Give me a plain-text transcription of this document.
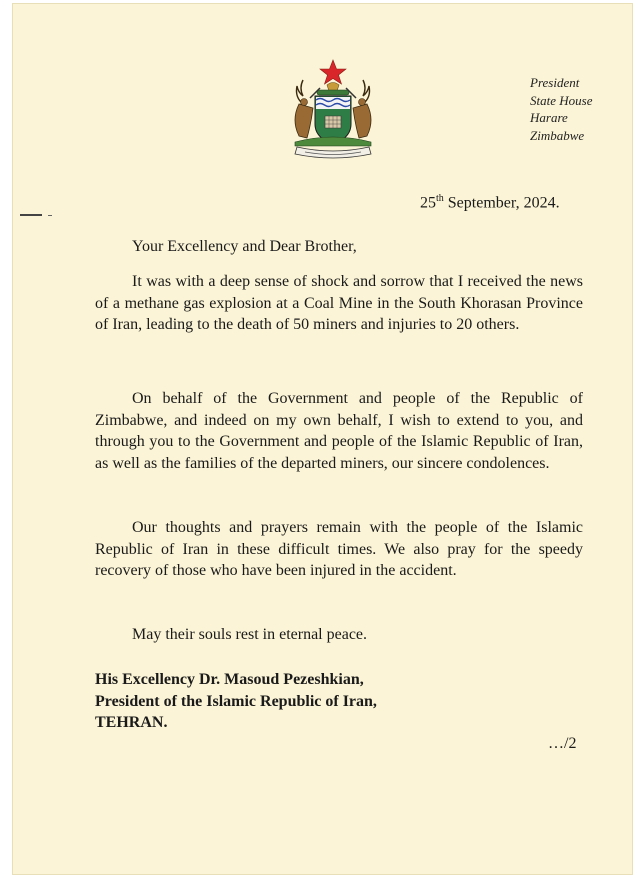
President
State House
Harare
Zimbabwe
25th September, 2024.
Your Excellency and Dear Brother,

It was with a deep sense of shock and sorrow that I received the news of a methane gas explosion at a Coal Mine in the South Khorasan Province of Iran, leading to the death of 50 miners and injuries to 20 others.

On behalf of the Government and people of the Republic of Zimbabwe, and indeed on my own behalf, I wish to extend to you, and through you to the Government and people of the Islamic Republic of Iran, as well as the families of the departed miners, our sincere condolences.

Our thoughts and prayers remain with the people of the Islamic Republic of Iran in these difficult times. We also pray for the speedy recovery of those who have been injured in the accident.

May their souls rest in eternal peace.
His Excellency Dr. Masoud Pezeshkian,
President of the Islamic Republic of Iran,
TEHRAN.
…/2
